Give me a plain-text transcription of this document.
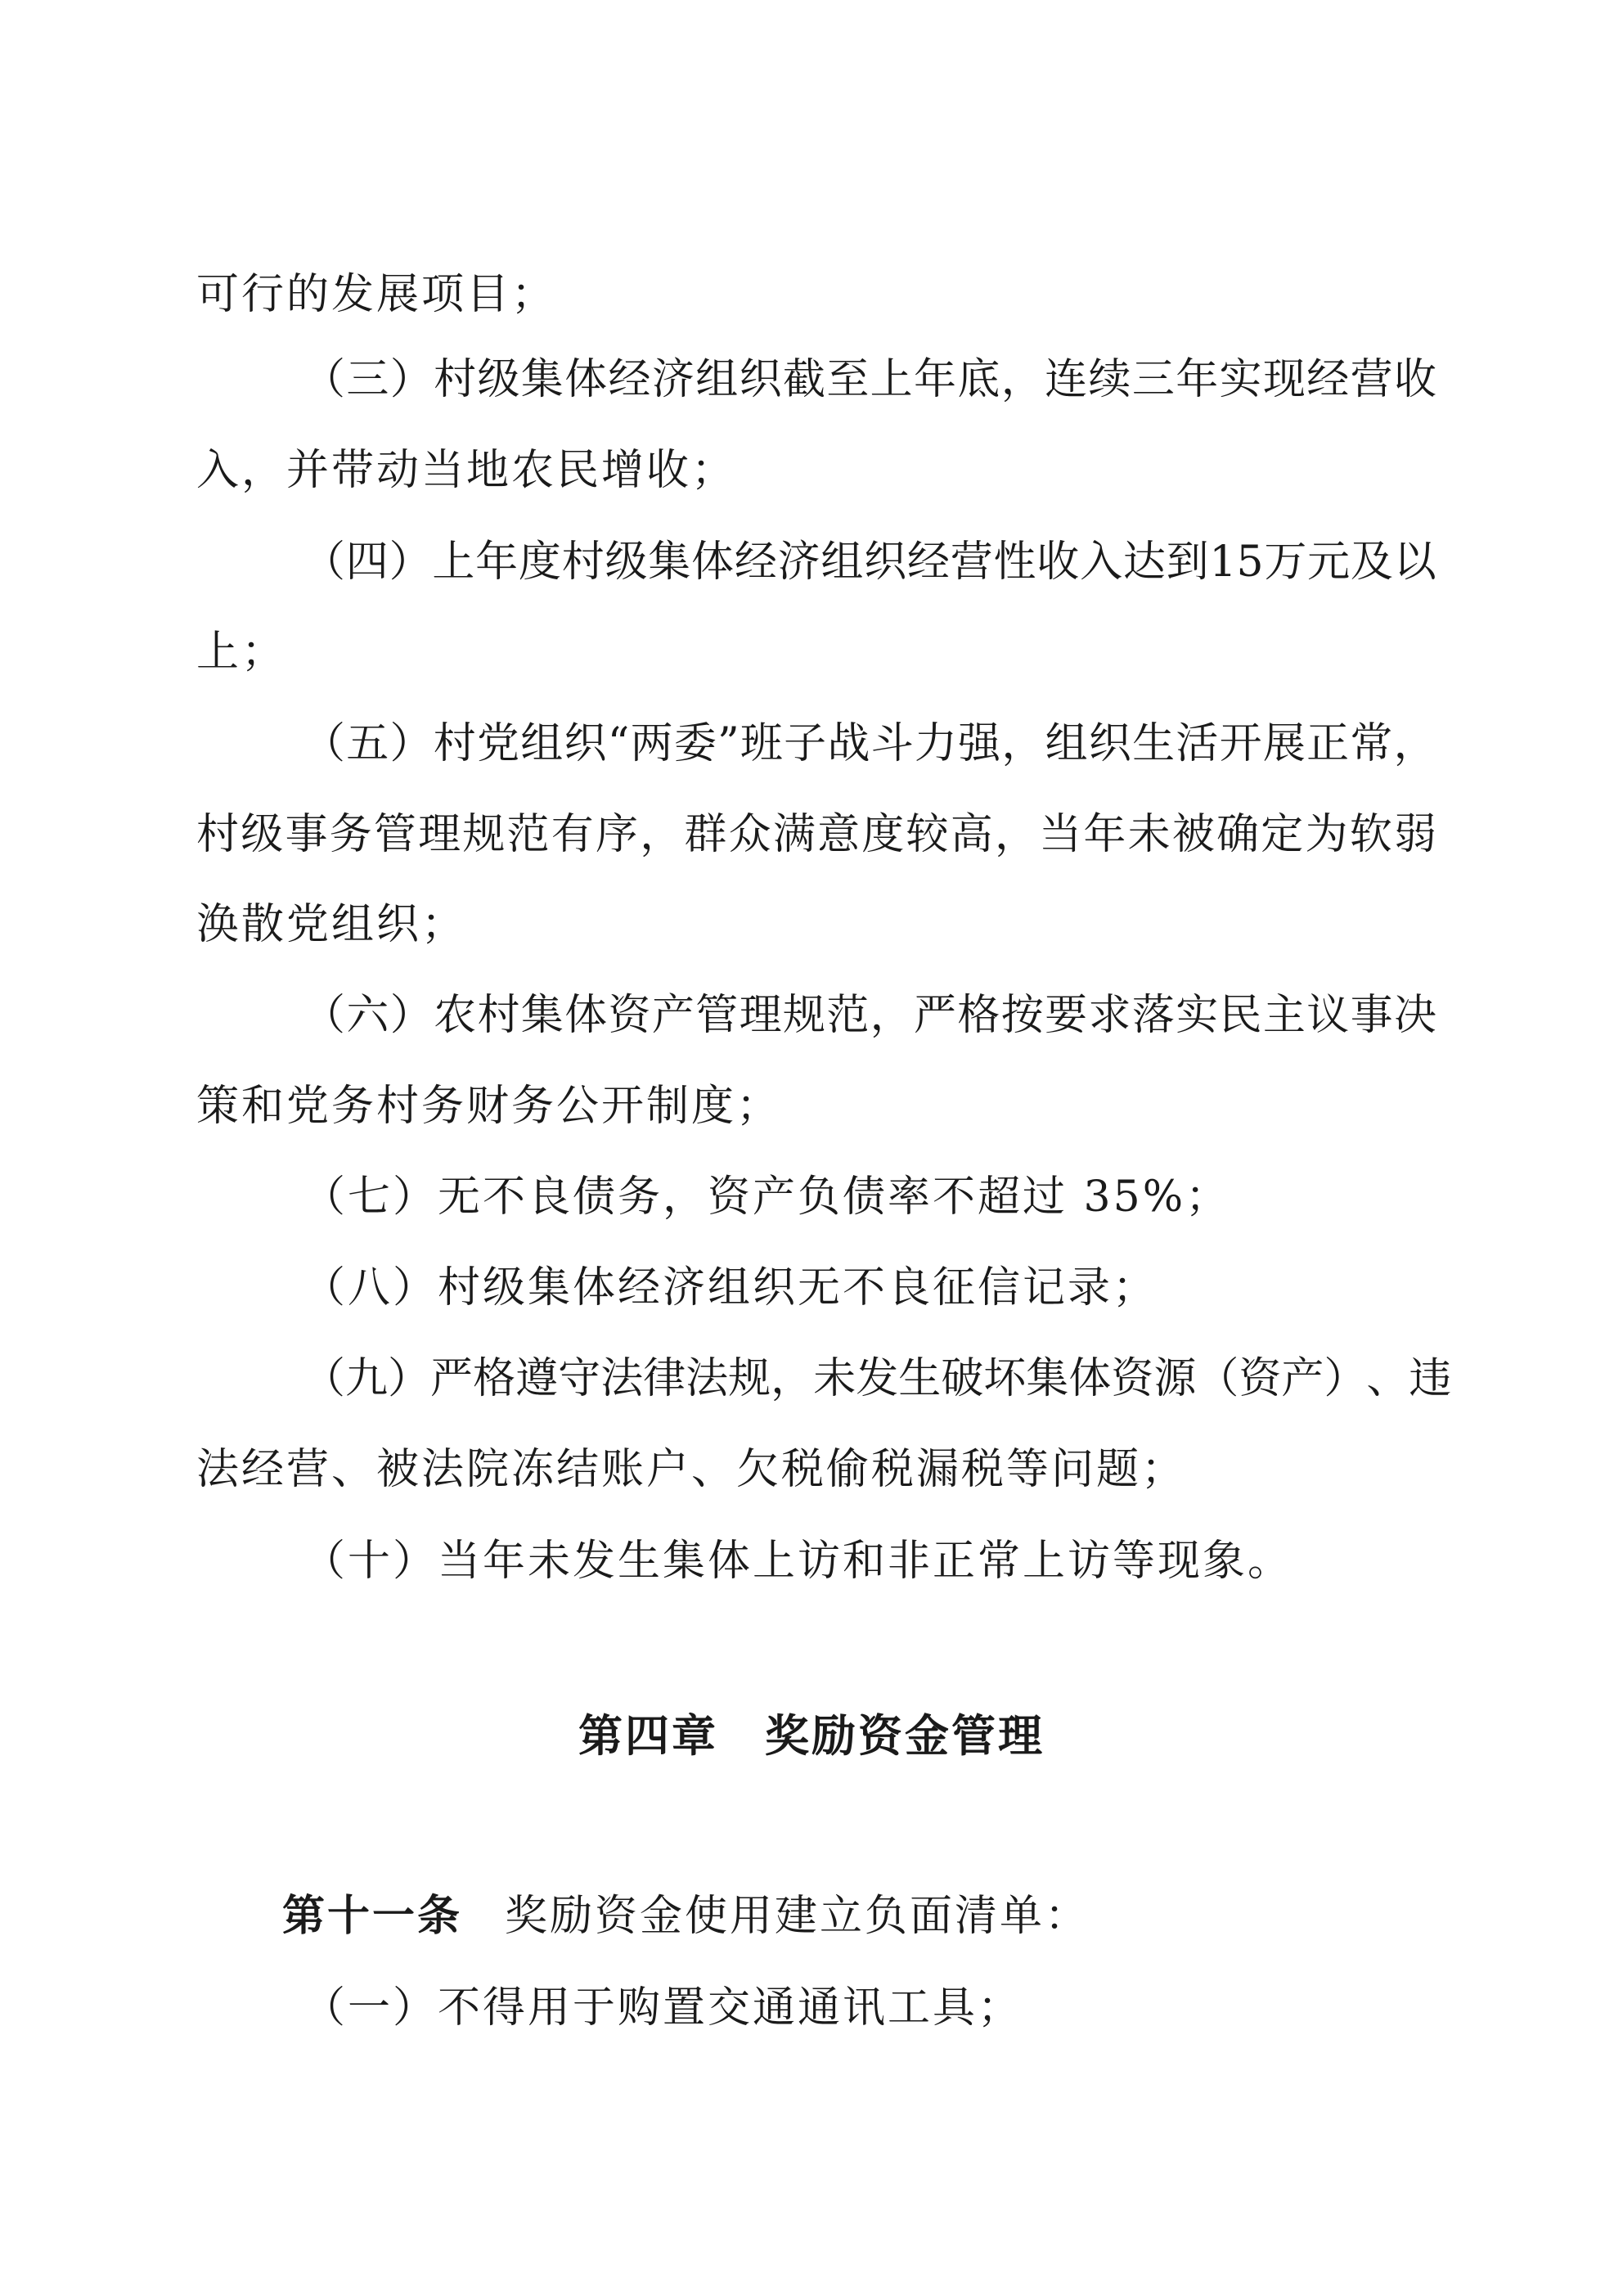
可行的发展项目；
（ 三 ） 村 级 集 体 经 济 组 织 截 至 上 年 底 ， 连 续 三 年 实 现 经 营 收
入，并带动当地农民增收；
（ 四 ） 上 年 度 村 级 集 体 经 济 组 织 经 营 性 收 入 达 到 15 万 元 及 以
上；
（ 五 ） 村 党 组 织 “ 两 委 ” 班 子 战 斗 力 强 ， 组 织 生 活 开 展 正 常 ，
村 级 事 务 管 理 规 范 有 序 ， 群 众 满 意 度 较 高 ， 当 年 未 被 确 定 为 软 弱
涣散党组织；
（ 六 ） 农 村 集 体 资 产 管 理 规 范 ， 严 格 按 要 求 落 实 民 主 议 事 决
策和党务村务财务公开制度；
（七）无不良债务，资产负债率不超过 35%；
（八）村级集体经济组织无不良征信记录；
（ 九 ） 严 格 遵 守 法 律 法 规 ， 未 发 生 破 坏 集 体 资 源 （ 资 产 ） 、 违
法经营、被法院冻结账户、欠税偷税漏税等问题；
（十）当年未发生集体上访和非正常上访等现象。
第四章　奖励资金管理
第十一条 奖励资金使用建立负面清单：
（一）不得用于购置交通通讯工具；
